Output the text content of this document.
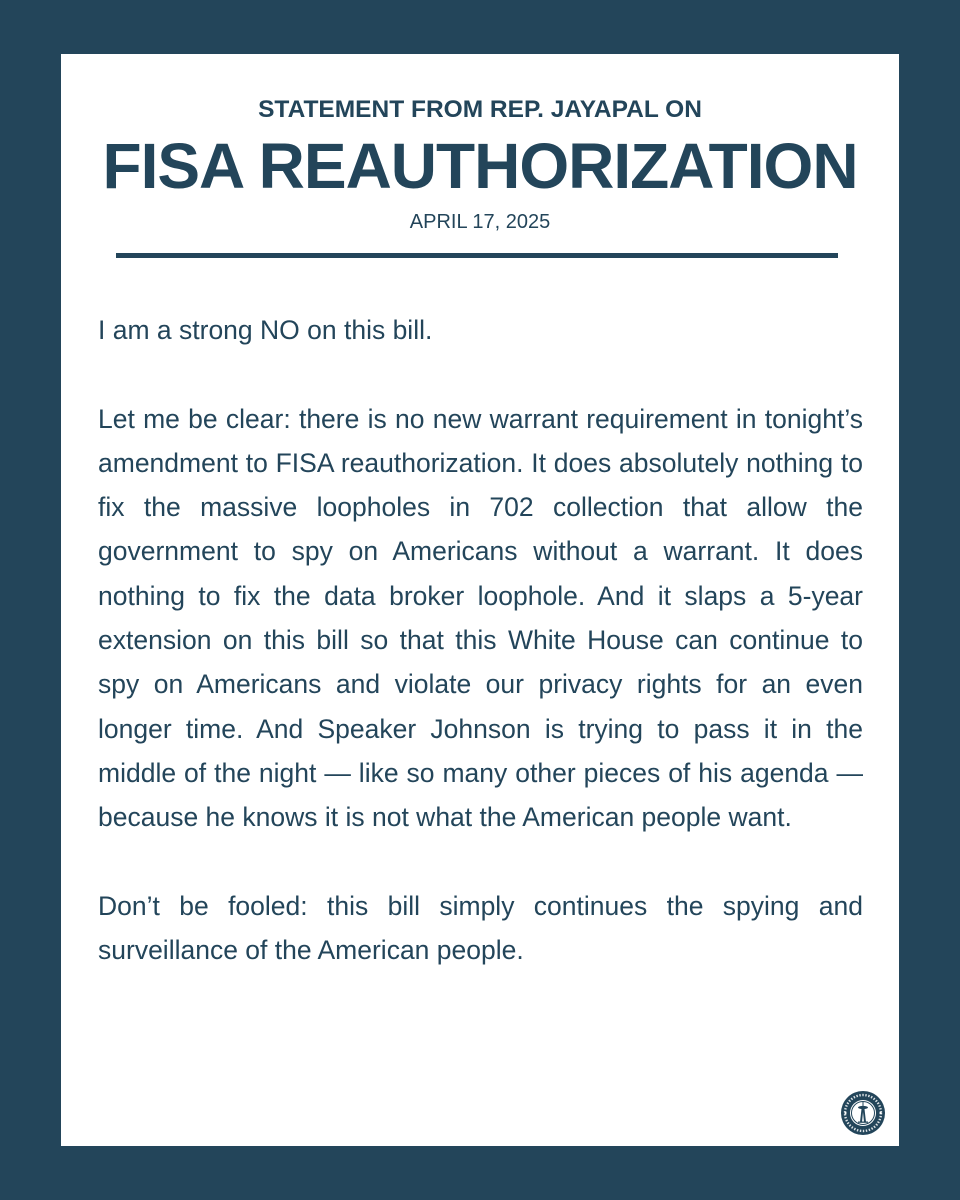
STATEMENT FROM REP. JAYAPAL ON
FISA REAUTHORIZATION
APRIL 17, 2025

I am a strong NO on this bill.

Let me be clear: there is no new warrant requirement in tonight’s amendment to FISA reauthorization. It does absolutely nothing to fix the massive loopholes in 702 collection that allow the government to spy on Americans without a warrant. It does nothing to fix the data broker loophole. And it slaps a 5-year extension on this bill so that this White House can continue to spy on Americans and violate our privacy rights for an even longer time. And Speaker Johnson is trying to pass it in the middle of the night — like so many other pieces of his agenda — because he knows it is not what the American people want.

Don’t be fooled: this bill simply continues the spying and surveillance of the American people.
